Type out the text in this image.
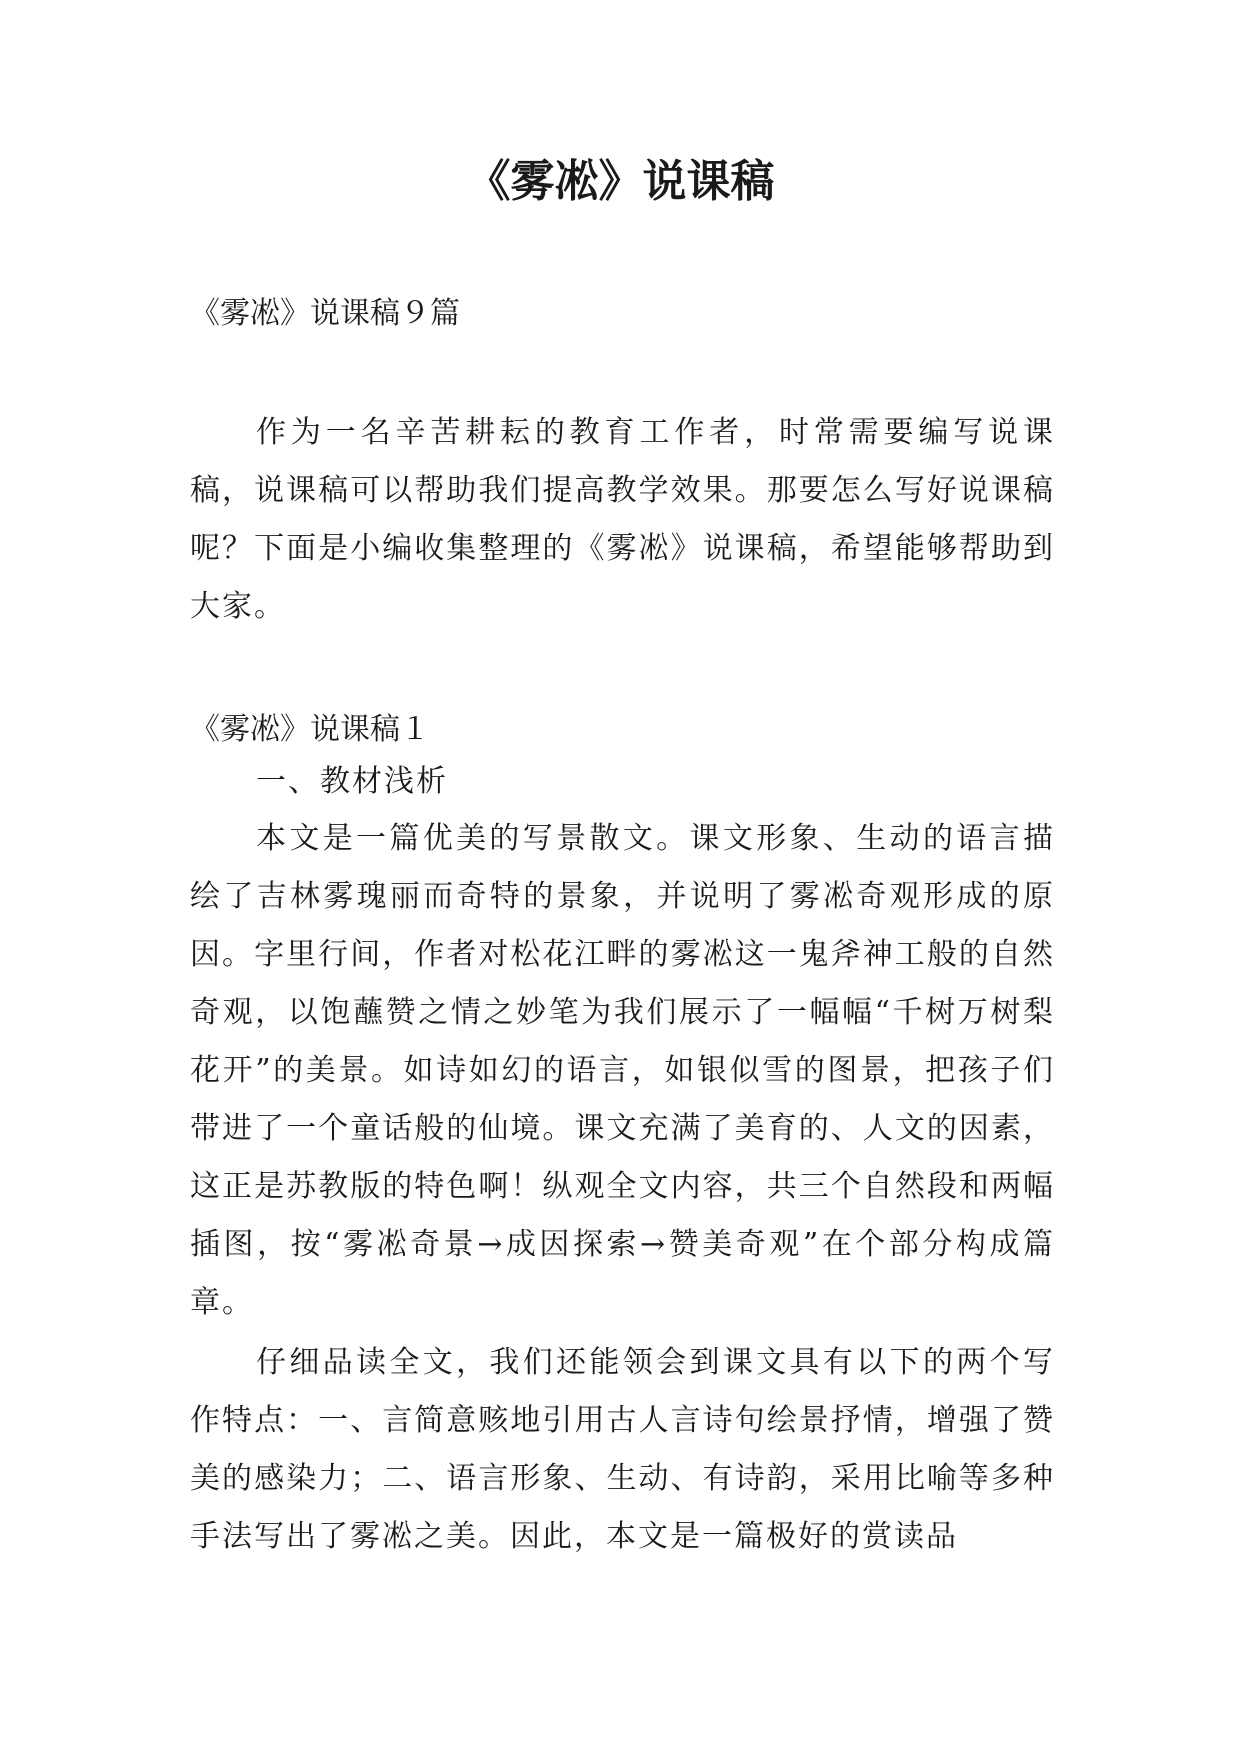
《雾凇》说课稿

《雾凇》说课稿９篇

作为一名辛苦耕耘的教育工作者，时常需要编写说课稿，说课稿可以帮助我们提高教学效果。那要怎么写好说课稿呢？下面是小编收集整理的《雾凇》说课稿，希望能够帮助到大家。

《雾凇》说课稿１

一、教材浅析

本文是一篇优美的写景散文。课文形象、生动的语言描绘了吉林雾瑰丽而奇特的景象，并说明了雾凇奇观形成的原因。字里行间，作者对松花江畔的雾凇这一鬼斧神工般的自然奇观，以饱蘸赞之情之妙笔为我们展示了一幅幅“千树万树梨花开”的美景。如诗如幻的语言，如银似雪的图景，把孩子们带进了一个童话般的仙境。课文充满了美育的、人文的因素，这正是苏教版的特色啊！纵观全文内容，共三个自然段和两幅插图，按“雾凇奇景→成因探索→赞美奇观”在个部分构成篇章。

仔细品读全文，我们还能领会到课文具有以下的两个写作特点：一、言简意赅地引用古人言诗句绘景抒情，增强了赞美的感染力；二、语言形象、生动、有诗韵，采用比喻等多种手法写出了雾凇之美。因此，本文是一篇极好的赏读品
